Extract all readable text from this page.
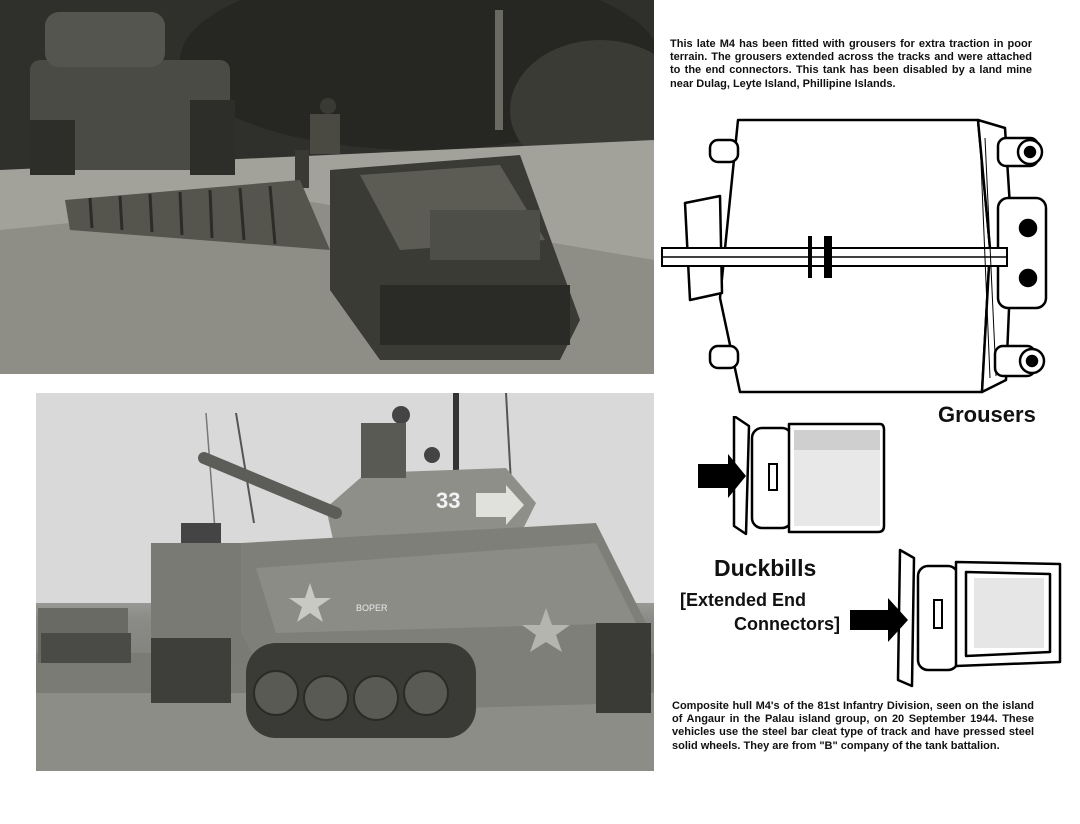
33
BOPER
This late M4 has been fitted with grousers for extra traction in poor terrain. The grousers extended across the tracks and were attached to the end connectors. This tank has been disabled by a land mine near Dulag, Leyte Island, Phillipine Islands.
Grousers
Duckbills
[Extended End
Connectors]
Composite hull M4's of the 81st Infantry Division, seen on the island of Angaur in the Palau island group, on 20 September 1944. These vehicles use the steel bar cleat type of track and have pressed steel solid wheels. They are from "B" company of the tank battalion.
